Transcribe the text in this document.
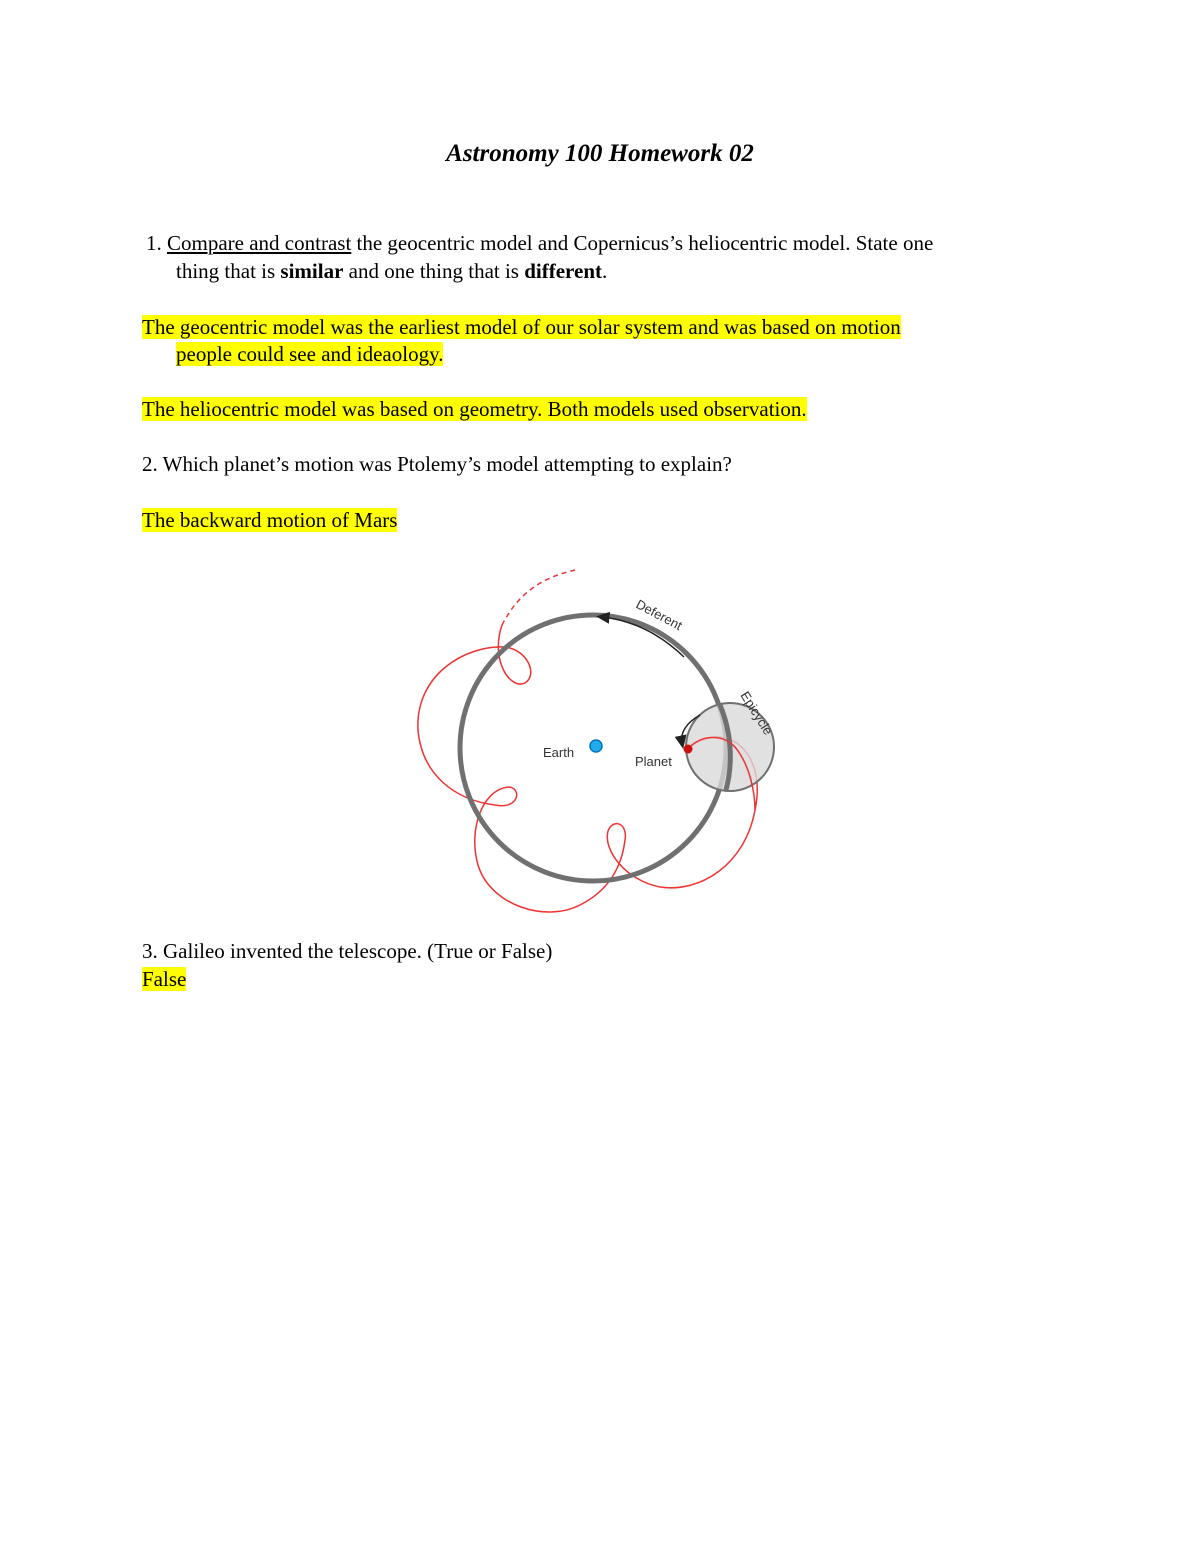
Astronomy 100 Homework 02
1. Compare and contrast the geocentric model and Copernicus’s heliocentric model. State one
thing that is similar and one thing that is different.
The geocentric model was the earliest model of our solar system and was based on motion
people could see and ideaology.
The heliocentric model was based on geometry. Both models used observation.
2. Which planet’s motion was Ptolemy’s model attempting to explain?
The backward motion of Mars
Earth
Planet
Deferent
Epicycle
3. Galileo invented the telescope. (True or False)
False
